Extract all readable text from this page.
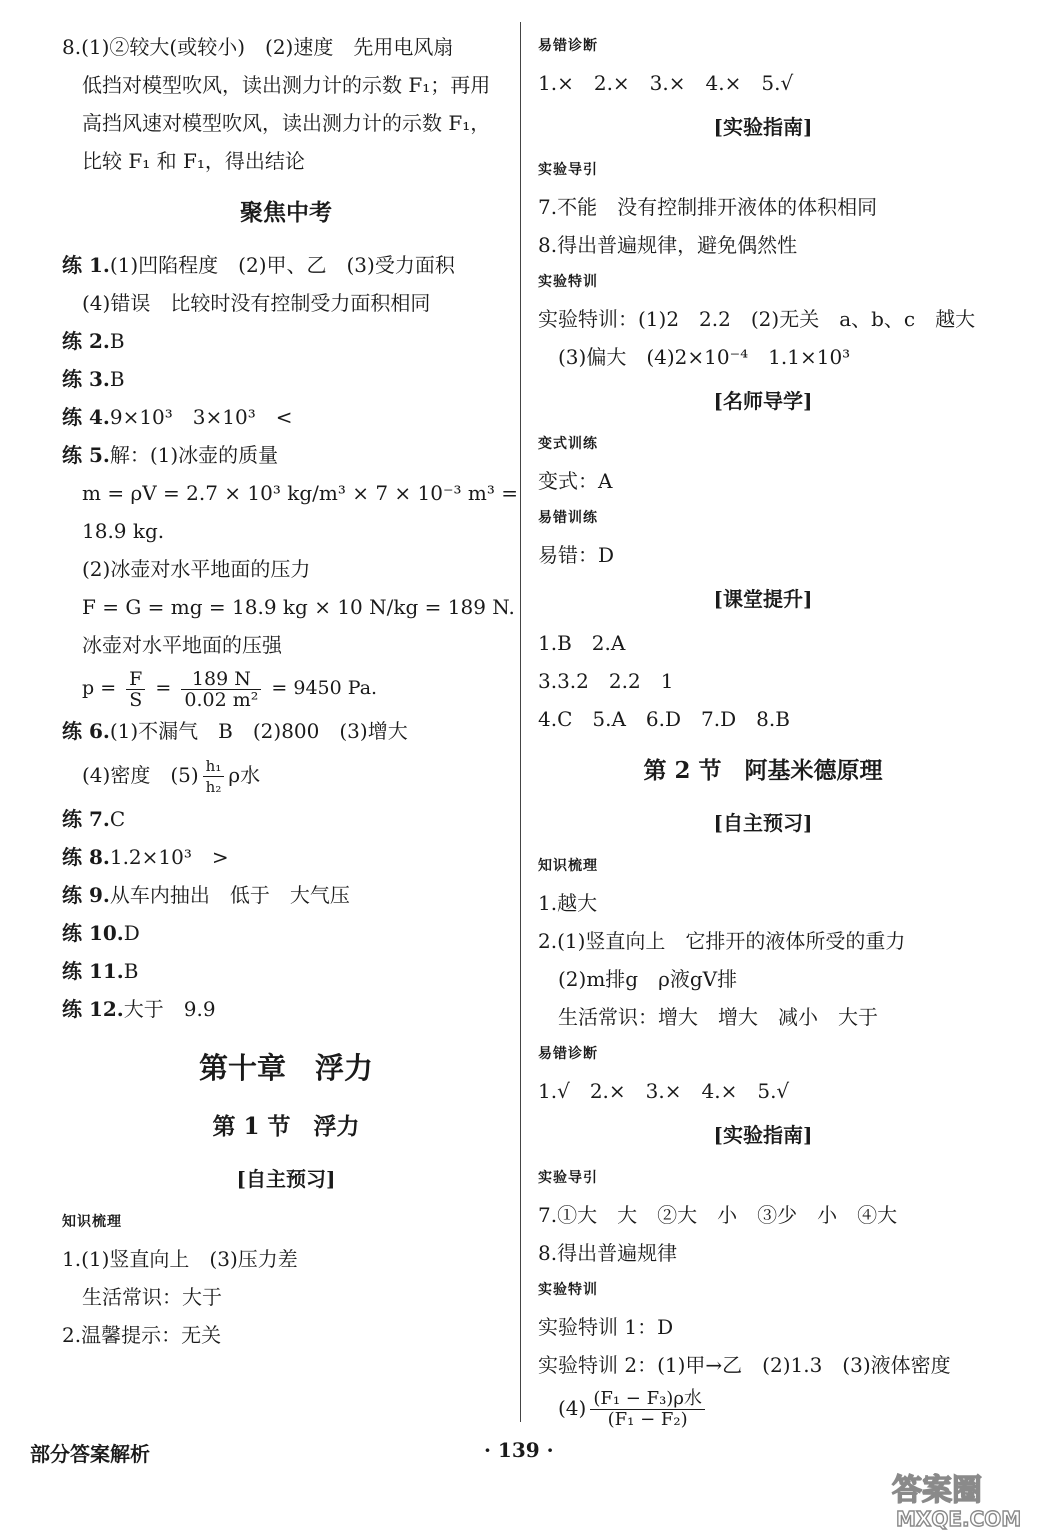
8.(1)②较大(或较小)　(2)速度　先用电风扇
低挡对模型吹风，读出测力计的示数 F₁；再用
高挡风速对模型吹风，读出测力计的示数 F₁，
比较 F₁ 和 F₁，得出结论
聚焦中考
练 1.(1)凹陷程度　(2)甲、乙　(3)受力面积
(4)错误　比较时没有控制受力面积相同
练 2.B
练 3.B
练 4.9×10³　3×10³　<
练 5.解：(1)冰壶的质量
m = ρV = 2.7 × 10³ kg/m³ × 7 × 10⁻³ m³ =
18.9 kg.
(2)冰壶对水平地面的压力
F = G = mg = 18.9 kg × 10 N/kg = 189 N.
冰壶对水平地面的压强
$p = \frac{F}{S} = \frac{189 N}{\text{0.02 m²}} = 9450$ Pa.
练 6.(1)不漏气　B　(2)800　(3)增大
(4)密度　$(5) \frac{\text{h₁}}{\text{h₂}}$ ρ水
练 7.C
练 8.1.2×10³　>
练 9.从车内抽出　低于　大气压
练 10.D
练 11.B
练 12.大于　9.9
第十章　浮力
第 1 节　浮力
[自主预习]
知识梳理
1.(1)竖直向上　(3)压力差
生活常识：大于
2.温馨提示：无关
易错诊断
1.×　2.×　3.×　4.×　5.√
[实验指南]
实验导引
7.不能　没有控制排开液体的体积相同
8.得出普遍规律，避免偶然性
实验特训
实验特训：(1)2　2.2　(2)无关　a、b、c　越大
(3)偏大　(4)2×10⁻⁴　1.1×10³
[名师导学]
变式训练
变式：A
易错训练
易错：D
[课堂提升]
1.B　2.A
3.3.2　2.2　1
4.C　5.A　6.D　7.D　8.B
第 2 节　阿基米德原理
[自主预习]
知识梳理
1.越大
2.(1)竖直向上　它排开的液体所受的重力
(2)m排g　ρ液gV排
生活常识：增大　增大　减小　大于
易错诊断
1.√　2.×　3.×　4.×　5.√
[实验指南]
实验导引
7.①大　大　②大　小　③少　小　④大
8.得出普遍规律
实验特训
实验特训 1：D
实验特训 2：(1)甲→乙　(2)1.3　(3)液体密度
$(4) \frac{\text{(F₁ − F₃)ρ水}}{\text{(F₁ − F₂)}}$
部分答案解析	· 139 ·
答案圈
MXQE.COM
